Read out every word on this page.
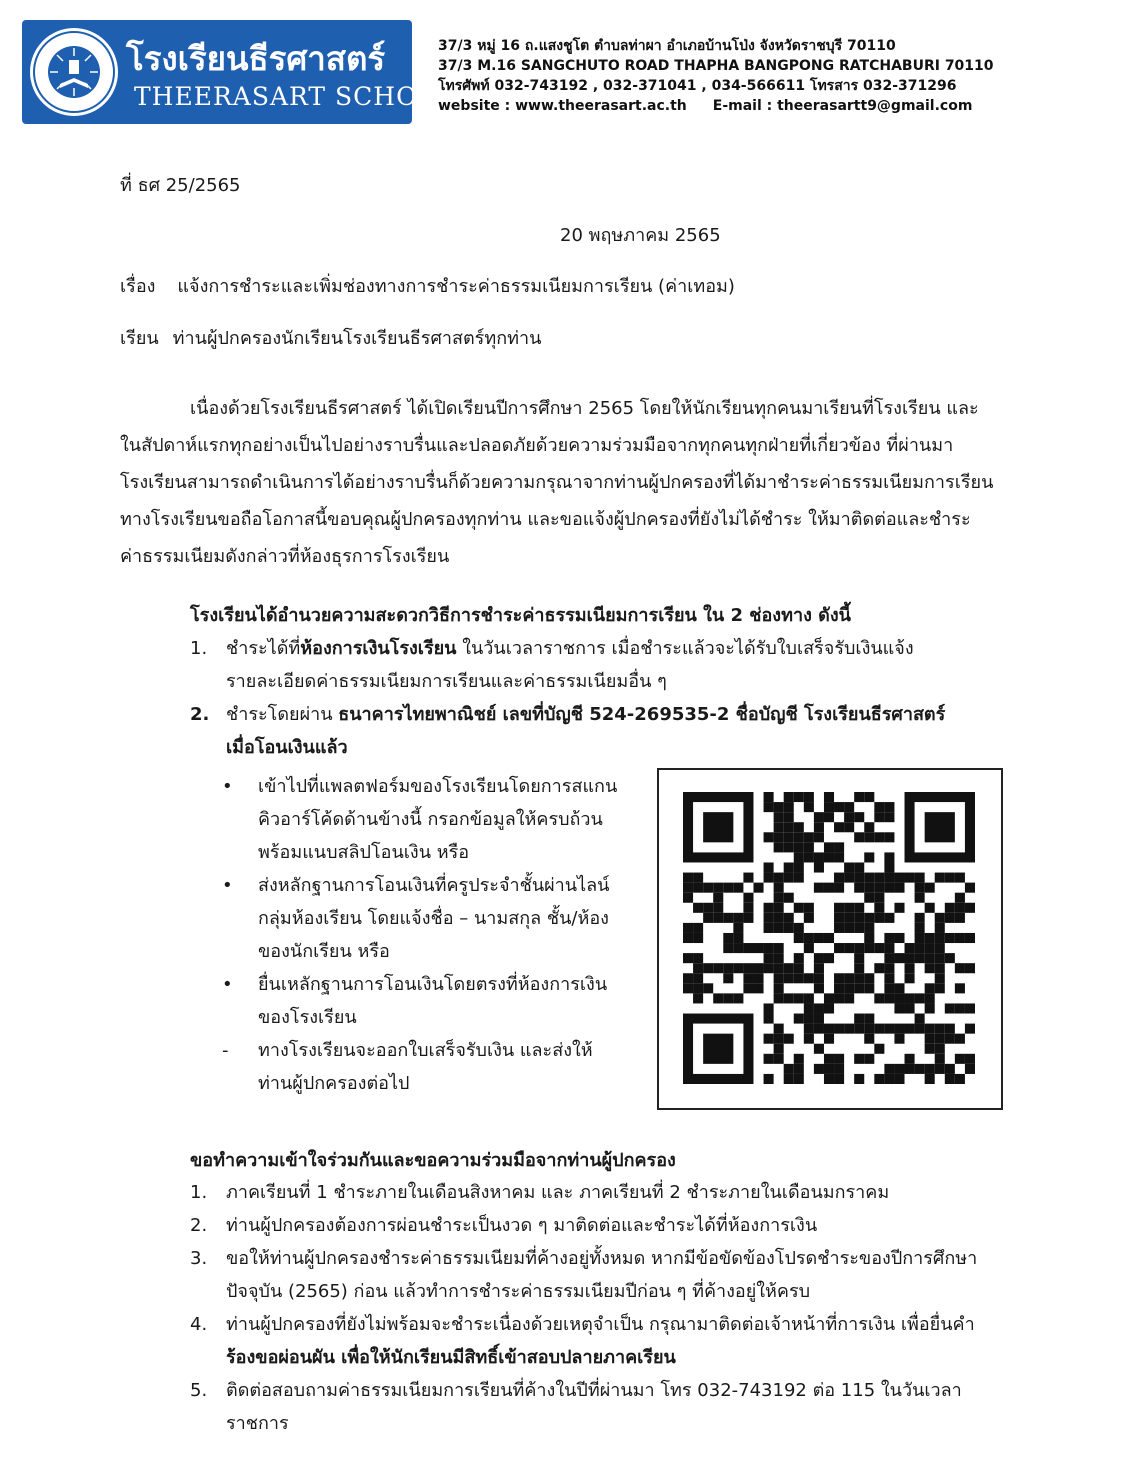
โรงเรียนธีรศาสตร์
THEERASART SCHOOL
37/3 หมู่ 16 ถ.แสงชูโต ตำบลท่าผา อำเภอบ้านโป่ง จังหวัดราชบุรี 70110
37/3 M.16 SANGCHUTO ROAD THAPHA BANGPONG RATCHABURI 70110
โทรศัพท์ 032-743192 , 032-371041 , 034-566611 โทรสาร 032-371296
website : www.theerasart.ac.th E-mail : theerasartt9@gmail.com
ที่ ธศ 25/2565
20 พฤษภาคม 2565
เรื่อง แจ้งการชำระและเพิ่มช่องทางการชำระค่าธรรมเนียมการเรียน (ค่าเทอม)
เรียน ท่านผู้ปกครองนักเรียนโรงเรียนธีรศาสตร์ทุกท่าน
เนื่องด้วยโรงเรียนธีรศาสตร์ ได้เปิดเรียนปีการศึกษา 2565 โดยให้นักเรียนทุกคนมาเรียนที่โรงเรียน และ
ในสัปดาห์แรกทุกอย่างเป็นไปอย่างราบรื่นและปลอดภัยด้วยความร่วมมือจากทุกคนทุกฝ่ายที่เกี่ยวข้อง ที่ผ่านมา
โรงเรียนสามารถดำเนินการได้อย่างราบรื่นก็ด้วยความกรุณาจากท่านผู้ปกครองที่ได้มาชำระค่าธรรมเนียมการเรียน
ทางโรงเรียนขอถือโอกาสนี้ขอบคุณผู้ปกครองทุกท่าน และขอแจ้งผู้ปกครองที่ยังไม่ได้ชำระ ให้มาติดต่อและชำระ
ค่าธรรมเนียมดังกล่าวที่ห้องธุรการโรงเรียน
โรงเรียนได้อำนวยความสะดวกวิธีการชำระค่าธรรมเนียมการเรียน ใน 2 ช่องทาง ดังนี้
1.	ชำระได้ที่ห้องการเงินโรงเรียน ในวันเวลาราชการ เมื่อชำระแล้วจะได้รับใบเสร็จรับเงินแจ้ง
รายละเอียดค่าธรรมเนียมการเรียนและค่าธรรมเนียมอื่น ๆ
2. ชำระโดยผ่าน ธนาคารไทยพาณิชย์ เลขที่บัญชี 524-269535-2 ชื่อบัญชี โรงเรียนธีรศาสตร์
เมื่อโอนเงินแล้ว
•	เข้าไปที่แพลตฟอร์มของโรงเรียนโดยการสแกน
คิวอาร์โค้ดด้านข้างนี้ กรอกข้อมูลให้ครบถ้วน
พร้อมแนบสลิปโอนเงิน หรือ
•	ส่งหลักฐานการโอนเงินที่ครูประจำชั้นผ่านไลน์
กลุ่มห้องเรียน โดยแจ้งชื่อ – นามสกุล ชั้น/ห้อง
ของนักเรียน หรือ
•	ยื่นเหลักฐานการโอนเงินโดยตรงที่ห้องการเงิน
ของโรงเรียน
-	ทางโรงเรียนจะออกใบเสร็จรับเงิน และส่งให้
ท่านผู้ปกครองต่อไป
ขอทำความเข้าใจร่วมกันและขอความร่วมมือจากท่านผู้ปกครอง
1.	ภาคเรียนที่ 1 ชำระภายในเดือนสิงหาคม และ ภาคเรียนที่ 2 ชำระภายในเดือนมกราคม
2.	ท่านผู้ปกครองต้องการผ่อนชำระเป็นงวด ๆ มาติดต่อและชำระได้ที่ห้องการเงิน
3.	ขอให้ท่านผู้ปกครองชำระค่าธรรมเนียมที่ค้างอยู่ทั้งหมด หากมีข้อขัดข้องโปรดชำระของปีการศึกษา
ปัจจุบัน (2565) ก่อน แล้วทำการชำระค่าธรรมเนียมปีก่อน ๆ ที่ค้างอยู่ให้ครบ
4.	ท่านผู้ปกครองที่ยังไม่พร้อมจะชำระเนื่องด้วยเหตุจำเป็น กรุณามาติดต่อเจ้าหน้าที่การเงิน เพื่อยื่นคำ
ร้องขอผ่อนผัน เพื่อให้นักเรียนมีสิทธิ์เข้าสอบปลายภาคเรียน
5.	ติดต่อสอบถามค่าธรรมเนียมการเรียนที่ค้างในปีที่ผ่านมา โทร 032-743192 ต่อ 115 ในวันเวลา
ราชการ
